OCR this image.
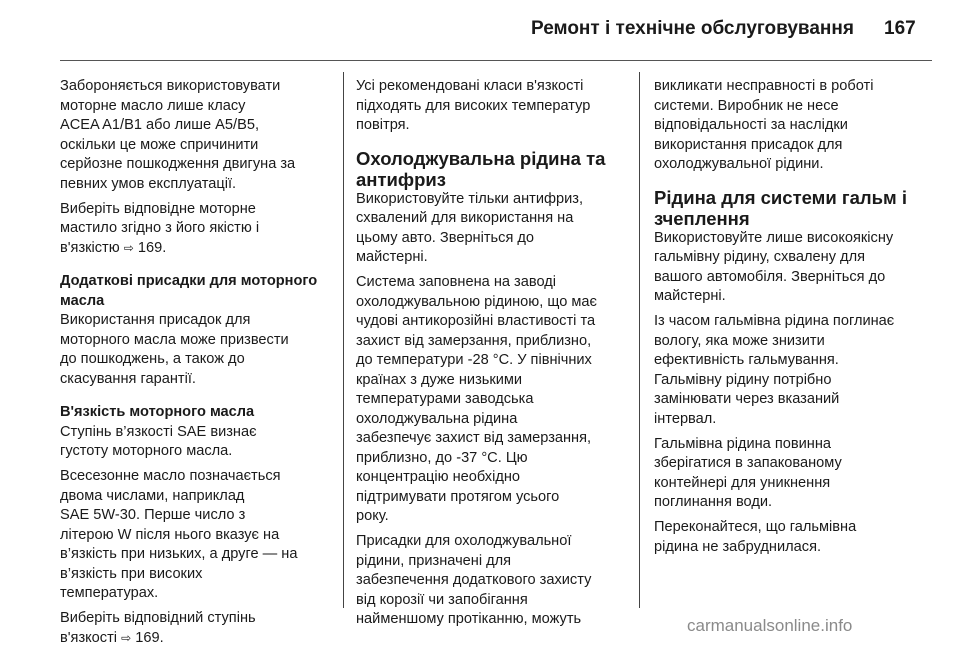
Ремонт і технічне обслуговування 167

Забороняється використовувати
моторне масло лише класу
ACEA A1/B1 або лише A5/B5,
оскільки це може спричинити
серйозне пошкодження двигуна за
певних умов експлуатації.

Виберіть відповідне моторне
мастило згідно з його якістю і
в'язкістю ⇨ 169.

Додаткові присадки для моторного
масла

Використання присадок для
моторного масла може призвести
до пошкоджень, а також до
скасування гарантії.

В'язкість моторного масла

Ступінь в’язкості SAE визнає
густоту моторного масла.

Всесезонне масло позначається
двома числами, наприклад
SAE 5W-30. Перше число з
літерою W після нього вказує на
в’язкість при низьких, а друге — на
в’язкість при високих
температурах.

Виберіть відповідний ступінь
в'язкості ⇨ 169.

Усі рекомендовані класи в'язкості
підходять для високих температур
повітря.

Охолоджувальна рідина та
антифриз

Використовуйте тільки антифриз,
схвалений для використання на
цьому авто. Зверніться до
майстерні.

Система заповнена на заводі
охолоджувальною рідиною, що має
чудові антикорозійні властивості та
захист від замерзання, приблизно,
до температури -28 °C. У північних
країнах з дуже низькими
температурами заводська
охолоджувальна рідина
забезпечує захист від замерзання,
приблизно, до -37 °C. Цю
концентрацію необхідно
підтримувати протягом усього
року.

Присадки для охолоджувальної
рідини, призначені для
забезпечення додаткового захисту
від корозії чи запобігання
найменшому протіканню, можуть

викликати несправності в роботі
системи. Виробник не несе
відповідальності за наслідки
використання присадок для
охолоджувальної рідини.

Рідина для системи гальм і
зчеплення

Використовуйте лише високоякісну
гальмівну рідину, схвалену для
вашого автомобіля. Зверніться до
майстерні.

Із часом гальмівна рідина поглинає
вологу, яка може знизити
ефективність гальмування.
Гальмівну рідину потрібно
замінювати через вказаний
інтервал.

Гальмівна рідина повинна
зберігатися в запакованому
контейнері для уникнення
поглинання води.

Переконайтеся, що гальмівна
рідина не забруднилася.

carmanualsonline.info
